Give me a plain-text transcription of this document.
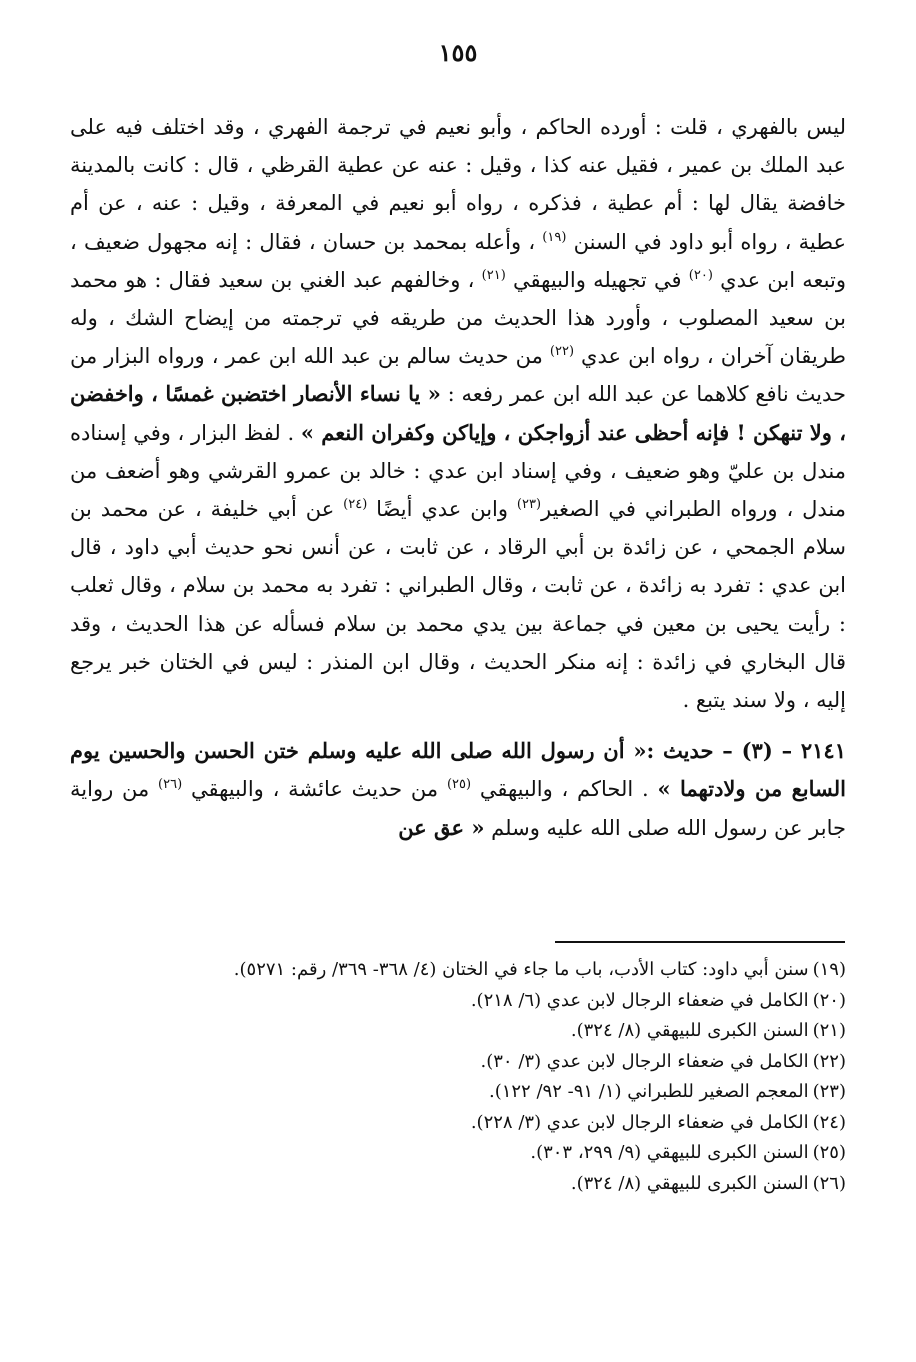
١٥٥

ليس بالفهري ، قلت : أورده الحاكم ، وأبو نعيم في ترجمة الفهري ، وقد اختلف فيه على عبد الملك بن عمير ، فقيل عنه كذا ، وقيل : عنه عن عطية القرظي ، قال : كانت بالمدينة خافضة يقال لها : أم عطية ، فذكره ، رواه أبو نعيم في المعرفة ، وقيل : عنه ، عن أم عطية ، رواه أبو داود في السنن $^{(١٩)}$ ، وأعله بمحمد بن حسان ، فقال : إنه مجهول ضعيف ، وتبعه ابن عدي $^{(٢٠)}$ في تجهيله والبيهقي $^{(٢١)}$ ، وخالفهم عبد الغني بن سعيد فقال : هو محمد بن سعيد المصلوب ، وأورد هذا الحديث من طريقه في ترجمته من إيضاح الشك ، وله طريقان آخران ، رواه ابن عدي $^{(٢٢)}$ من حديث سالم بن عبد الله ابن عمر ، ورواه البزار من حديث نافع كلاهما عن عبد الله ابن عمر رفعه : « يا نساء الأنصار اختضبن غمسًا ، واخفضن ، ولا تنهكن ! فإنه أحظى عند أزواجكن ، وإياكن وكفران النعم » . لفظ البزار ، وفي إسناده مندل بن عليّ وهو ضعيف ، وفي إسناد ابن عدي : خالد بن عمرو القرشي وهو أضعف من مندل ، ورواه الطبراني في الصغير$^{(٢٣)}$ وابن عدي أيضًا $^{(٢٤)}$ عن أبي خليفة ، عن محمد بن سلام الجمحي ، عن زائدة بن أبي الرقاد ، عن ثابت ، عن أنس نحو حديث أبي داود ، قال ابن عدي : تفرد به زائدة ، عن ثابت ، وقال الطبراني : تفرد به محمد بن سلام ، وقال ثعلب : رأيت يحيى بن معين في جماعة بين يدي محمد بن سلام فسأله عن هذا الحديث ، وقد قال البخاري في زائدة : إنه منكر الحديث ، وقال ابن المنذر : ليس في الختان خبر يرجع إليه ، ولا سند يتبع .

٢١٤١ – (٣) – حديث :« أن رسول الله صلى الله عليه وسلم ختن الحسن والحسين يوم السابع من ولادتهما » . الحاكم ، والبيهقي $^{(٢٥)}$ من حديث عائشة ، والبيهقي $^{(٢٦)}$ من رواية جابر عن رسول الله صلى الله عليه وسلم « عق عن

(١٩)سنن أبي داود: كتاب الأدب، باب ما جاء في الختان (٤/ ٣٦٨- ٣٦٩/ رقم: ٥٢٧١).
(٢٠)الكامل في ضعفاء الرجال لابن عدي (٦/ ٢١٨).
(٢١)السنن الكبرى للبيهقي (٨/ ٣٢٤).
(٢٢)الكامل في ضعفاء الرجال لابن عدي (٣/ ٣٠).
(٢٣)المعجم الصغير للطبراني (١/ ٩١- ٩٢/ ١٢٢).
(٢٤)الكامل في ضعفاء الرجال لابن عدي (٣/ ٢٢٨).
(٢٥)السنن الكبرى للبيهقي (٩/ ٢٩٩، ٣٠٣).
(٢٦)السنن الكبرى للبيهقي (٨/ ٣٢٤).
